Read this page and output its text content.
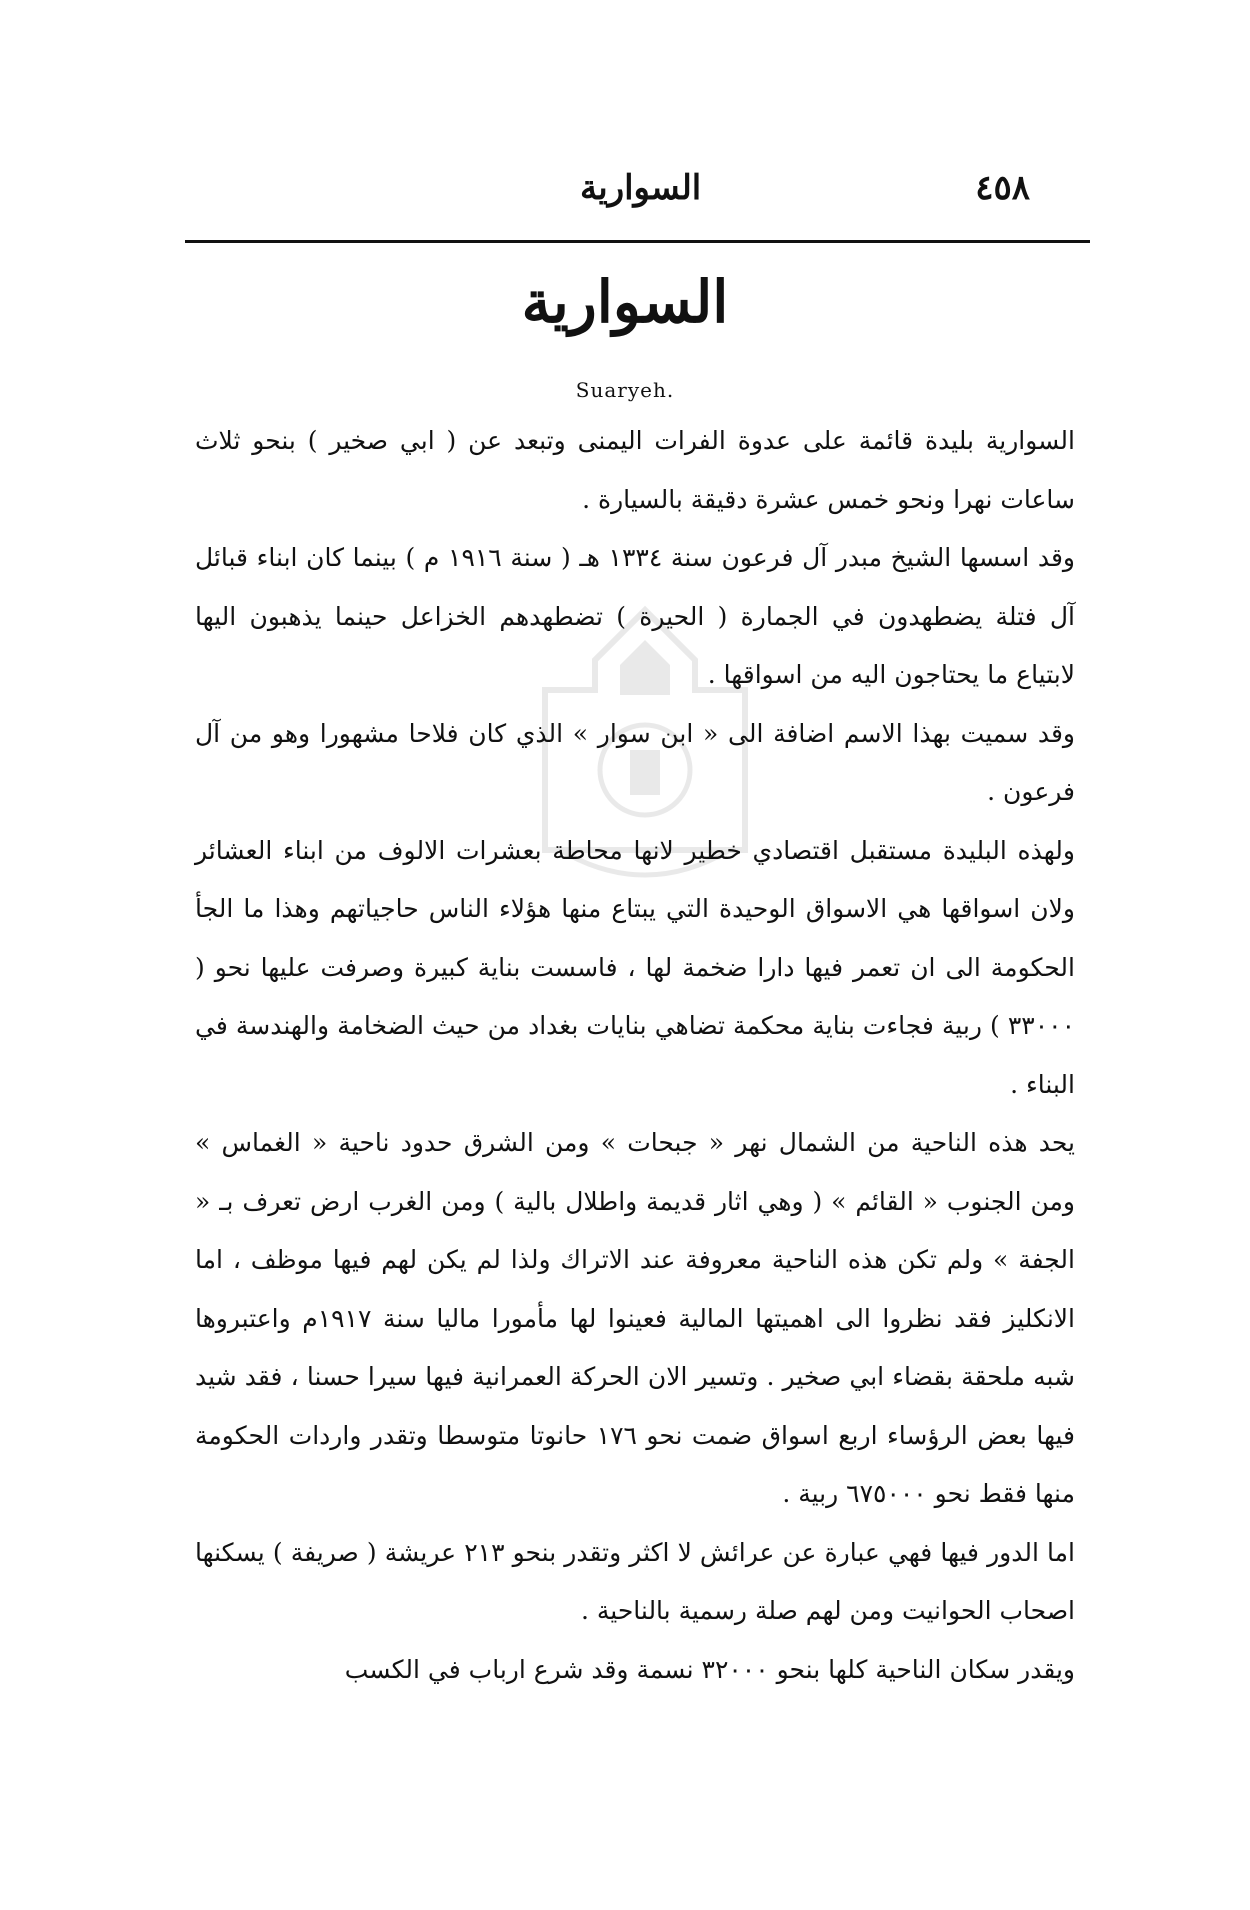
٤٥٨
السوارية
السوارية
Suaryeh.

السوارية بليدة قائمة على عدوة الفرات اليمنى وتبعد عن ( ابي صخير ) بنحو ثلاث ساعات نهرا ونحو خمس عشرة دقيقة بالسيارة .

وقد اسسها الشيخ مبدر آل فرعون سنة ١٣٣٤ هـ ( سنة ١٩١٦ م ) بينما كان ابناء قبائل آل فتلة يضطهدون في الجمارة ( الحيرة ) تضطهدهم الخزاعل حينما يذهبون اليها لابتياع ما يحتاجون اليه من اسواقها .

وقد سميت بهذا الاسم اضافة الى « ابن سوار » الذي كان فلاحا مشهورا وهو من آل فرعون .

ولهذه البليدة مستقبل اقتصادي خطير لانها محاطة بعشرات الالوف من ابناء العشائر ولان اسواقها هي الاسواق الوحيدة التي يبتاع منها هؤلاء الناس حاجياتهم وهذا ما الجأ الحكومة الى ان تعمر فيها دارا ضخمة لها ، فاسست بناية كبيرة وصرفت عليها نحو ( ٣٣٠٠٠ ) ربية فجاءت بناية محكمة تضاهي بنايات بغداد من حيث الضخامة والهندسة في البناء .

يحد هذه الناحية من الشمال نهر « جبحات » ومن الشرق حدود ناحية « الغماس » ومن الجنوب « القائم » ( وهي اثار قديمة واطلال بالية ) ومن الغرب ارض تعرف بـ « الجفة » ولم تكن هذه الناحية معروفة عند الاتراك ولذا لم يكن لهم فيها موظف ، اما الانكليز فقد نظروا الى اهميتها المالية فعينوا لها مأمورا ماليا سنة ١٩١٧م واعتبروها شبه ملحقة بقضاء ابي صخير . وتسير الان الحركة العمرانية فيها سيرا حسنا ، فقد شيد فيها بعض الرؤساء اربع اسواق ضمت نحو ١٧٦ حانوتا متوسطا وتقدر واردات الحكومة منها فقط نحو ٦٧٥٠٠٠ ربية .

اما الدور فيها فهي عبارة عن عرائش لا اكثر وتقدر بنحو ٢١٣ عريشة ( صريفة ) يسكنها اصحاب الحوانيت ومن لهم صلة رسمية بالناحية .

ويقدر سكان الناحية كلها بنحو ٣٢٠٠٠ نسمة وقد شرع ارباب في الكسب
